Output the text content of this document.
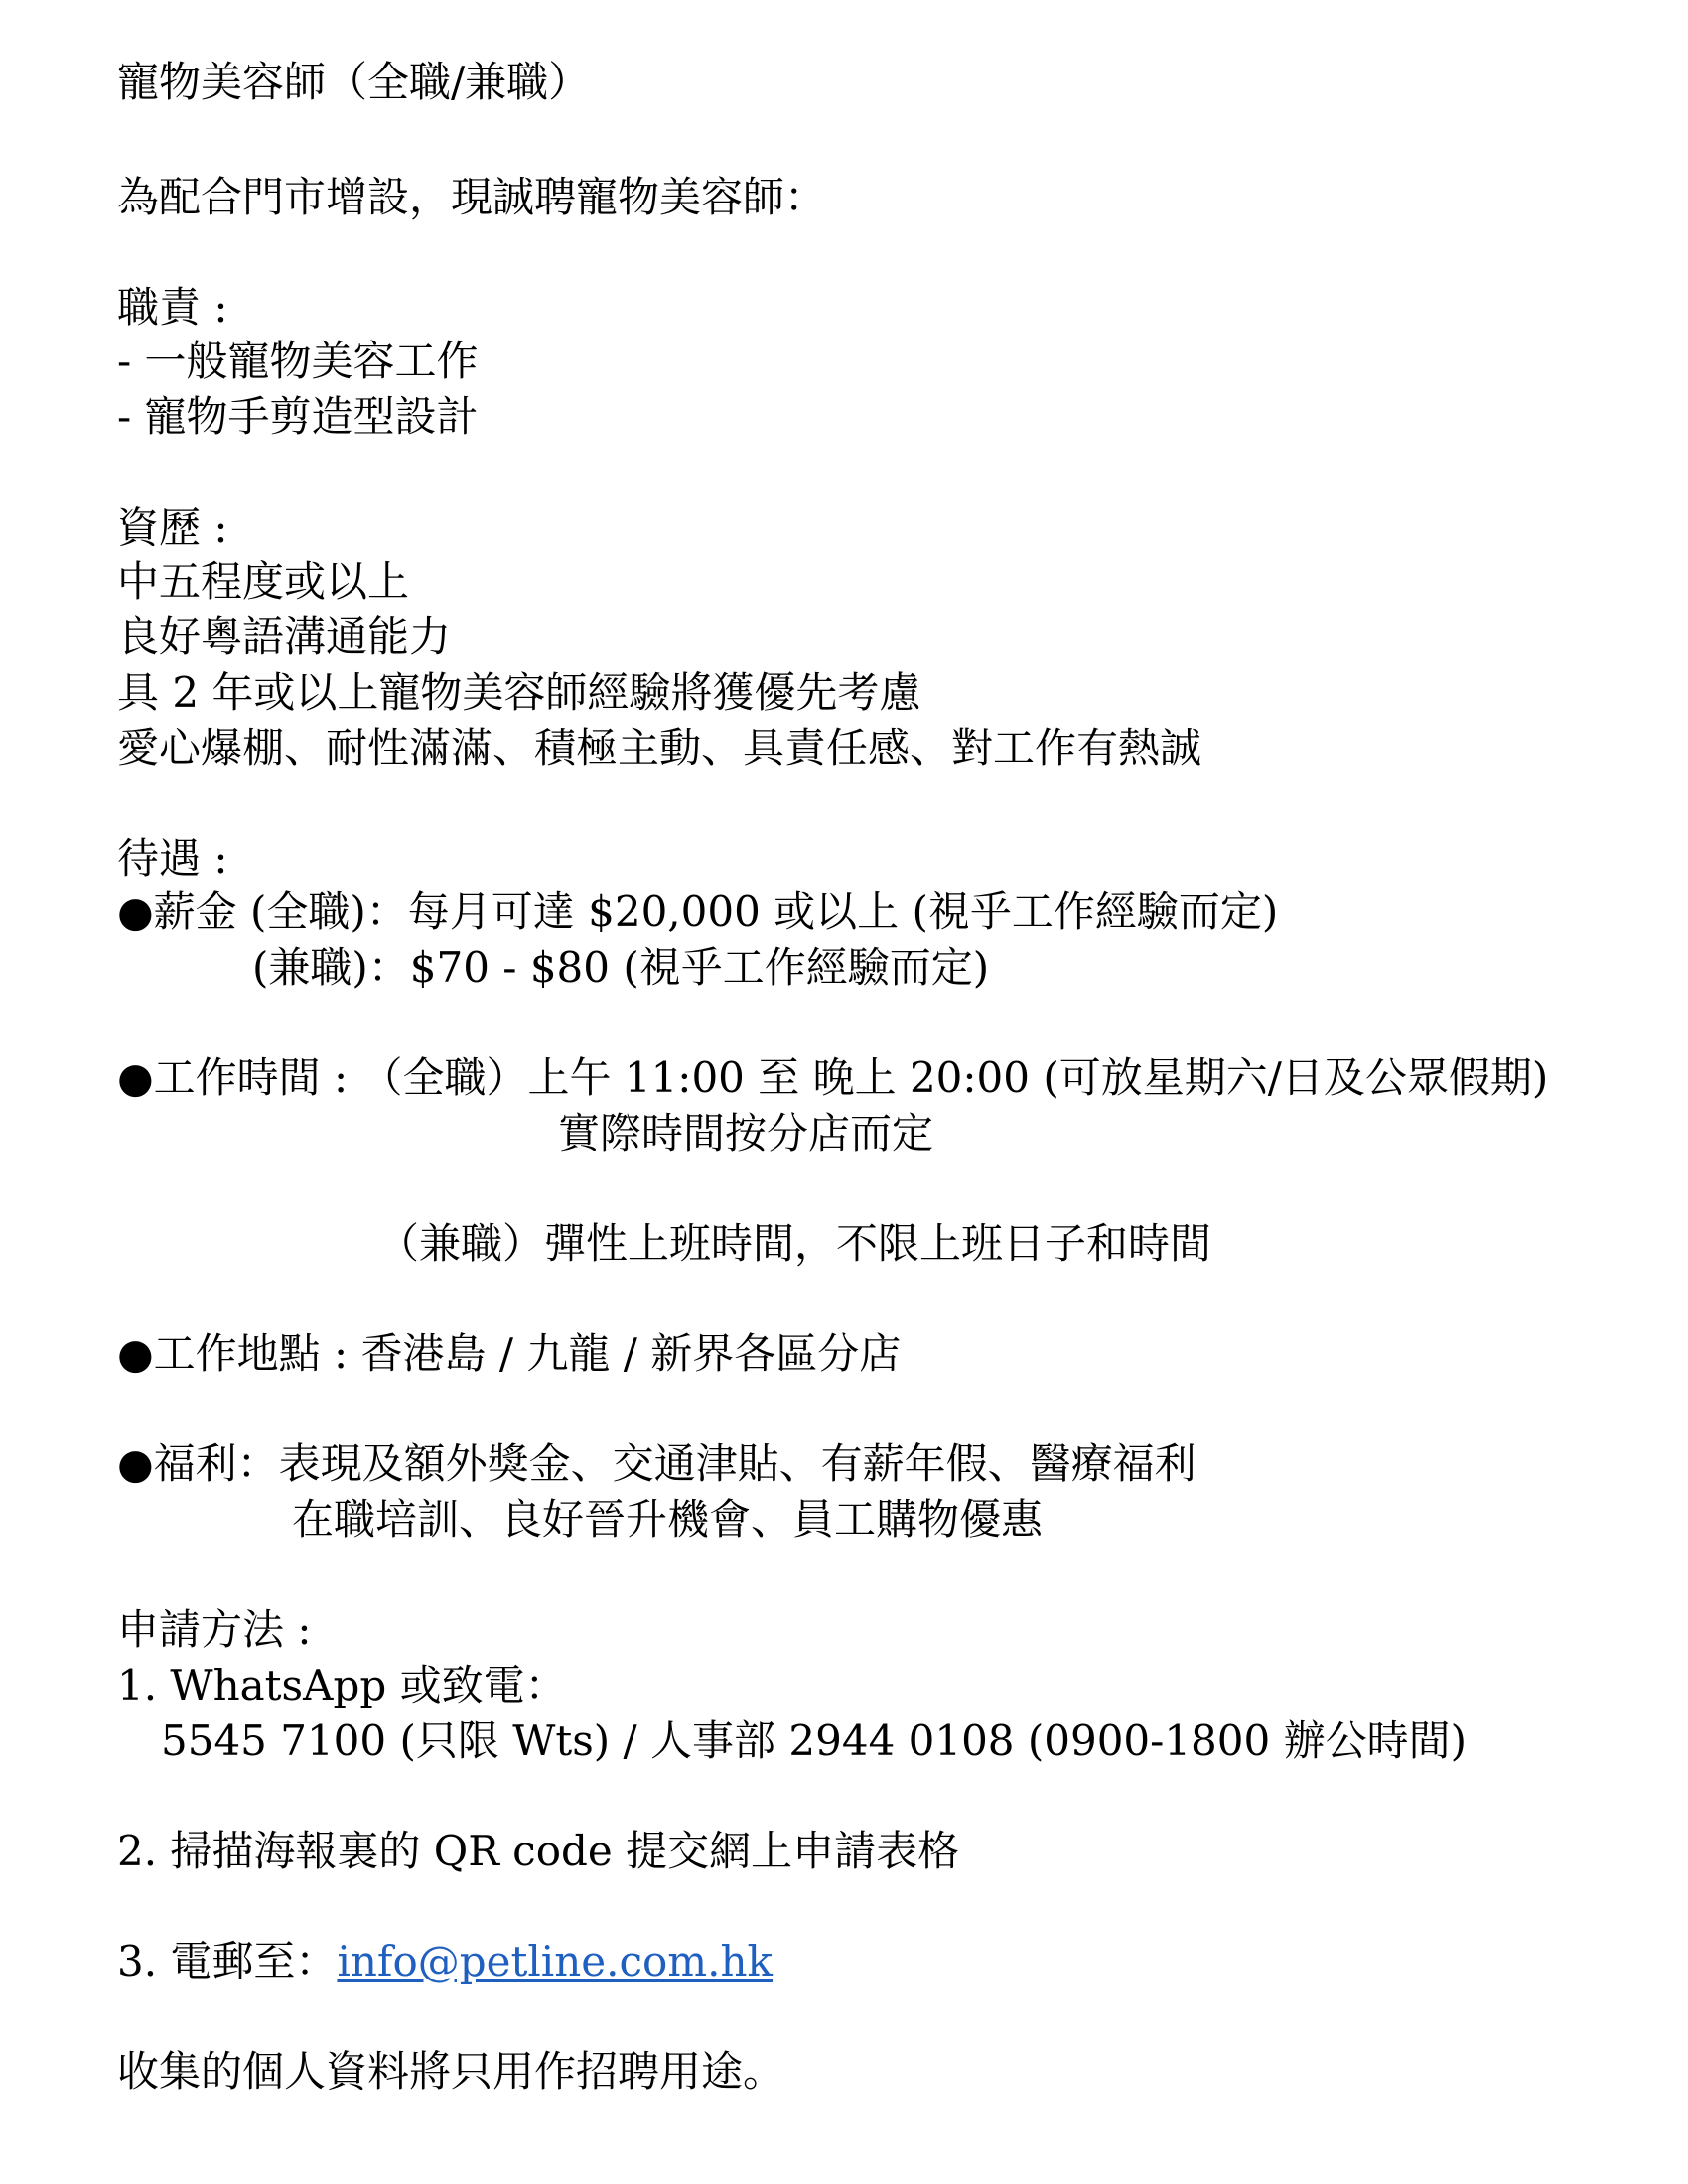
寵物美容師（全職/兼職）
為配合門市增設，現誠聘寵物美容師：
職責 :
- 一般寵物美容工作
- 寵物手剪造型設計
資歷 :
中五程度或以上
良好粵語溝通能力
具 2 年或以上寵物美容師經驗將獲優先考慮
愛心爆棚、耐性滿滿、積極主動、具責任感、對工作有熱誠
待遇 :
●薪金 (全職)：每月可達 $20,000 或以上 (視乎工作經驗而定)
(兼職)：$70 - $80 (視乎工作經驗而定)
●工作時間 : （全職）上午 11:00 至 晚上 20:00 (可放星期六/日及公眾假期)
實際時間按分店而定
（兼職）彈性上班時間，不限上班日子和時間
●工作地點 : 香港島 / 九龍 / 新界各區分店
●福利：表現及額外獎金、交通津貼、有薪年假、醫療福利
在職培訓、良好晉升機會、員工購物優惠
申請方法 :
1. WhatsApp 或致電：
5545 7100 (只限 Wts) / 人事部 2944 0108 (0900-1800 辦公時間)
2. 掃描海報裏的 QR code 提交網上申請表格
3. 電郵至：info@petline.com.hk
收集的個人資料將只用作招聘用途。
